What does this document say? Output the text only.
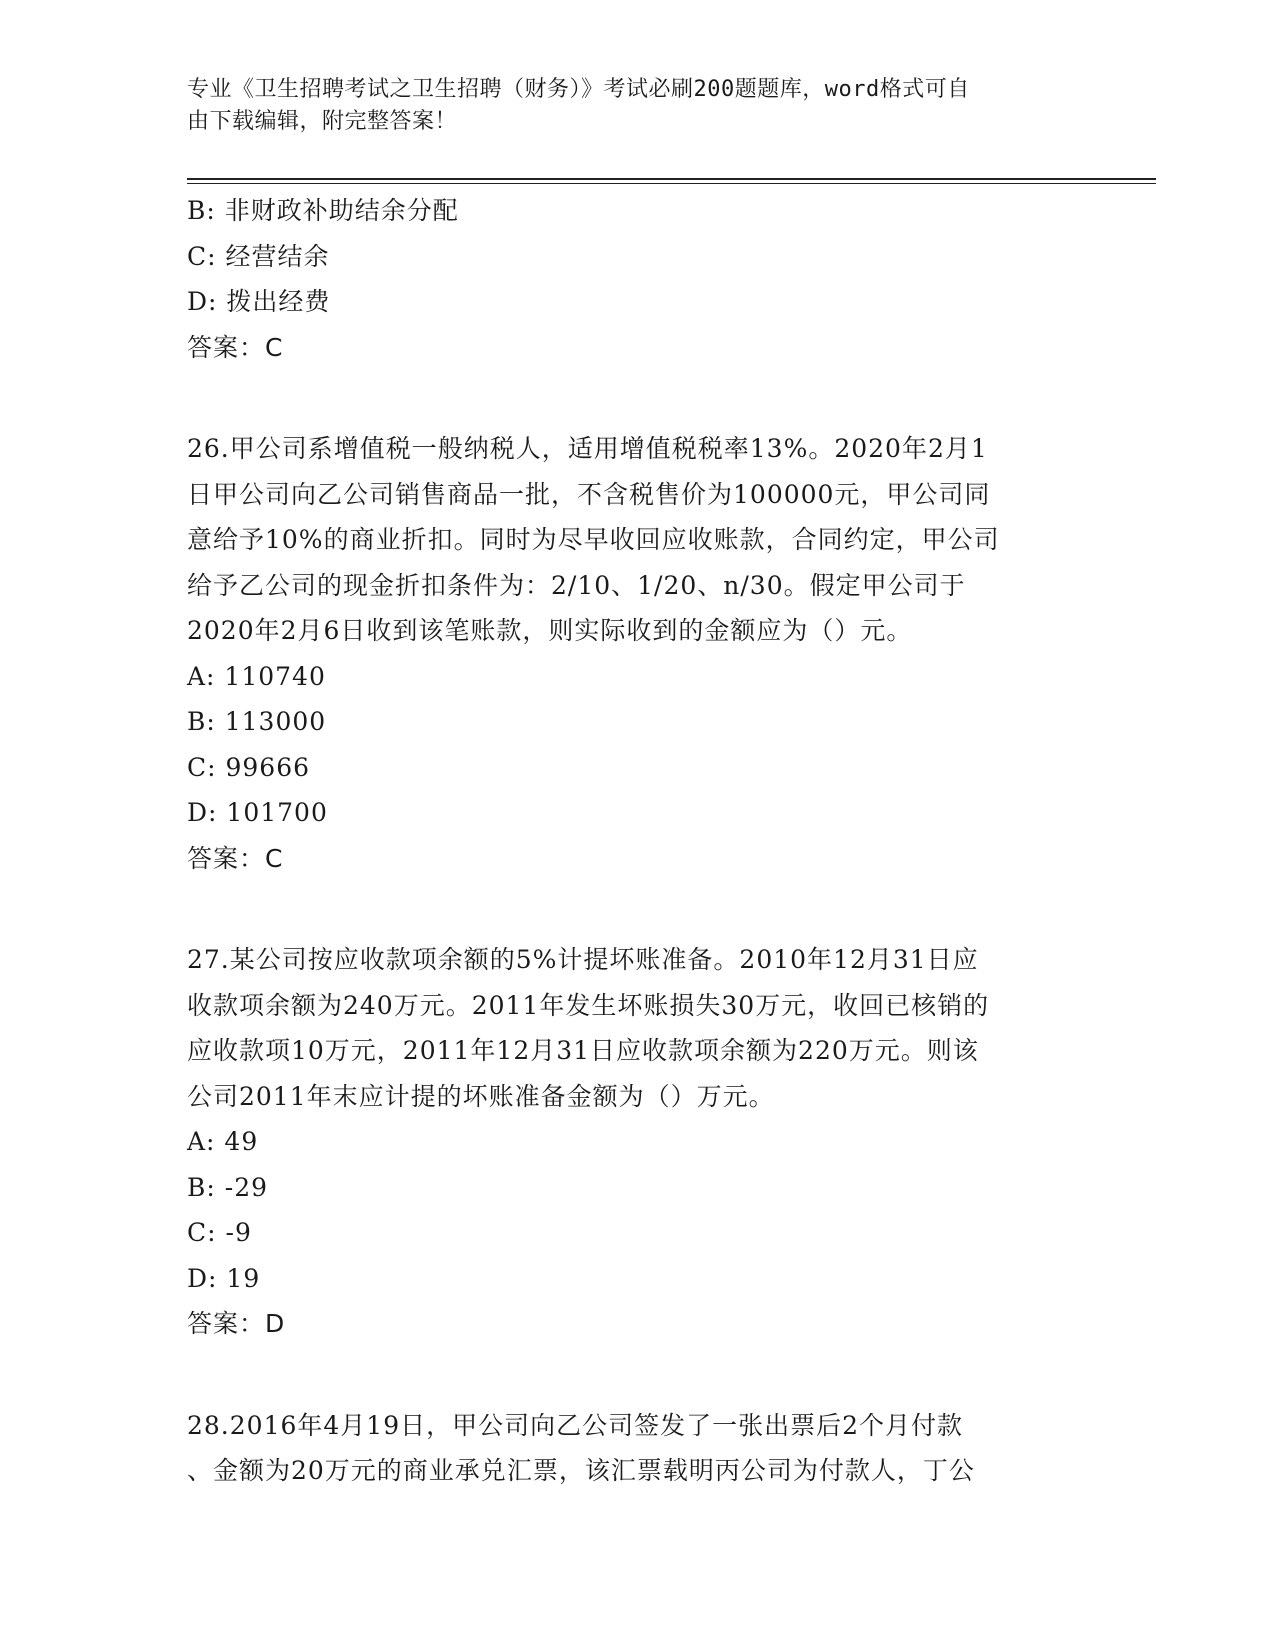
专业《卫生招聘考试之卫生招聘（财务）》考试必刷200题题库，word格式可自
由下载编辑，附完整答案！
B: 非财政补助结余分配
C: 经营结余
D: 拨出经费
答案：C
26.甲公司系增值税一般纳税人，适用增值税税率13%。2020年2月1
日甲公司向乙公司销售商品一批，不含税售价为100000元，甲公司同
意给予10%的商业折扣。同时为尽早收回应收账款，合同约定，甲公司
给予乙公司的现金折扣条件为：2/10、1/20、n/30。假定甲公司于
2020年2月6日收到该笔账款，则实际收到的金额应为（）元。
A: 110740
B: 113000
C: 99666
D: 101700
答案：C
27.某公司按应收款项余额的5%计提坏账准备。2010年12月31日应
收款项余额为240万元。2011年发生坏账损失30万元，收回已核销的
应收款项10万元，2011年12月31日应收款项余额为220万元。则该
公司2011年末应计提的坏账准备金额为（）万元。
A: 49
B: -29
C: -9
D: 19
答案：D
28.2016年4月19日，甲公司向乙公司签发了一张出票后2个月付款
、金额为20万元的商业承兑汇票，该汇票载明丙公司为付款人，丁公
